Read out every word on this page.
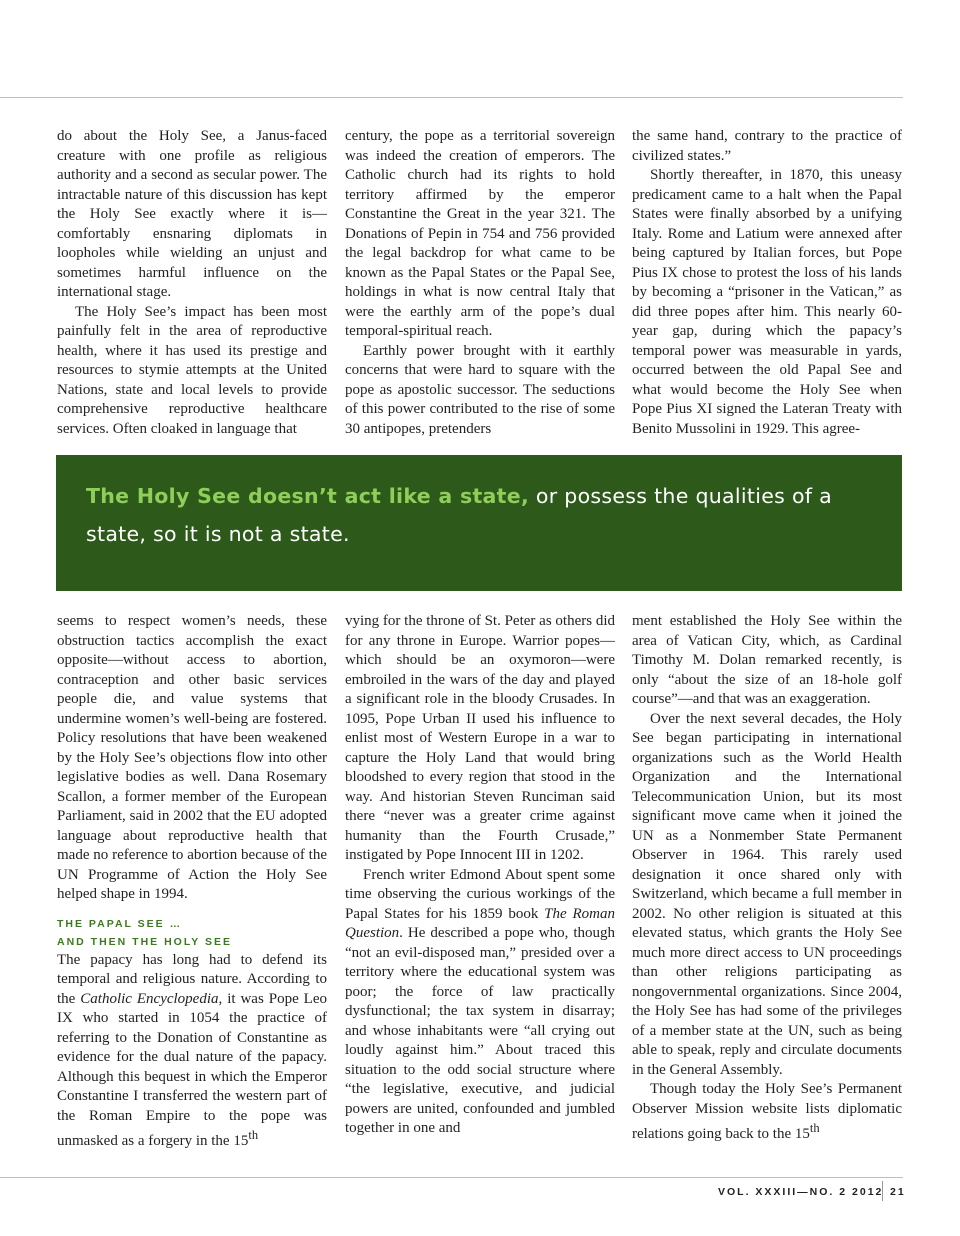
do about the Holy See, a Janus-faced creature with one profile as religious authority and a second as secular power. The intractable nature of this discussion has kept the Holy See exactly where it is—comfortably ensnaring diplomats in loopholes while wielding an unjust and sometimes harmful influence on the international stage.

The Holy See’s impact has been most painfully felt in the area of reproductive health, where it has used its prestige and resources to stymie attempts at the United Nations, state and local levels to provide comprehensive reproductive healthcare services. Often cloaked in language that

century, the pope as a territorial sovereign was indeed the creation of emperors. The Catholic church had its rights to hold territory affirmed by the emperor Constantine the Great in the year 321. The Donations of Pepin in 754 and 756 provided the legal backdrop for what came to be known as the Papal States or the Papal See, holdings in what is now central Italy that were the earthly arm of the pope’s dual temporal-spiritual reach.

Earthly power brought with it earthly concerns that were hard to square with the pope as apostolic successor. The seductions of this power contributed to the rise of some 30 antipopes, pretenders

the same hand, contrary to the practice of civilized states.”

Shortly thereafter, in 1870, this uneasy predicament came to a halt when the Papal States were finally absorbed by a unifying Italy. Rome and Latium were annexed after being captured by Italian forces, but Pope Pius IX chose to protest the loss of his lands by becoming a “prisoner in the Vatican,” as did three popes after him. This nearly 60-year gap, during which the papacy’s temporal power was measurable in yards, occurred between the old Papal See and what would become the Holy See when Pope Pius XI signed the Lateran Treaty with Benito Mussolini in 1929. This agree-

The Holy See doesn’t act like a state, or possess the qualities of a state, so it is not a state.

seems to respect women’s needs, these obstruction tactics accomplish the exact opposite—without access to abortion, contraception and other basic services people die, and value systems that undermine women’s well-being are fostered. Policy resolutions that have been weakened by the Holy See’s objections flow into other legislative bodies as well. Dana Rosemary Scallon, a former member of the European Parliament, said in 2002 that the EU adopted language about reproductive health that made no reference to abortion because of the UN Programme of Action the Holy See helped shape in 1994.

THE PAPAL SEE …

AND THEN THE HOLY SEE

The papacy has long had to defend its temporal and religious nature. According to the Catholic Encyclopedia, it was Pope Leo IX who started in 1054 the practice of referring to the Donation of Constantine as evidence for the dual nature of the papacy. Although this bequest in which the Emperor Constantine I transferred the western part of the Roman Empire to the pope was unmasked as a forgery in the 15th

vying for the throne of St. Peter as others did for any throne in Europe. Warrior popes—which should be an oxymoron—were embroiled in the wars of the day and played a significant role in the bloody Crusades. In 1095, Pope Urban II used his influence to enlist most of Western Europe in a war to capture the Holy Land that would bring bloodshed to every region that stood in the way. And historian Steven Runciman said there “never was a greater crime against humanity than the Fourth Crusade,” instigated by Pope Innocent III in 1202.

French writer Edmond About spent some time observing the curious workings of the Papal States for his 1859 book The Roman Question. He described a pope who, though “not an evil-disposed man,” presided over a territory where the educational system was poor; the force of law practically dysfunctional; the tax system in disarray; and whose inhabitants were “all crying out loudly against him.” About traced this situation to the odd social structure where “the legislative, executive, and judicial powers are united, confounded and jumbled together in one and

ment established the Holy See within the area of Vatican City, which, as Cardinal Timothy M. Dolan remarked recently, is only “about the size of an 18-hole golf course”—and that was an exaggeration.

Over the next several decades, the Holy See began participating in international organizations such as the World Health Organization and the International Telecommunication Union, but its most significant move came when it joined the UN as a Nonmember State Permanent Observer in 1964. This rarely used designation it once shared only with Switzerland, which became a full member in 2002. No other religion is situated at this elevated status, which grants the Holy See much more direct access to UN proceedings than other religions participating as nongovernmental organizations. Since 2004, the Holy See has had some of the privileges of a member state at the UN, such as being able to speak, reply and circulate documents in the General Assembly.

Though today the Holy See’s Permanent Observer Mission website lists diplomatic relations going back to the 15th

VOL. XXXIII—NO. 2 2012 21
